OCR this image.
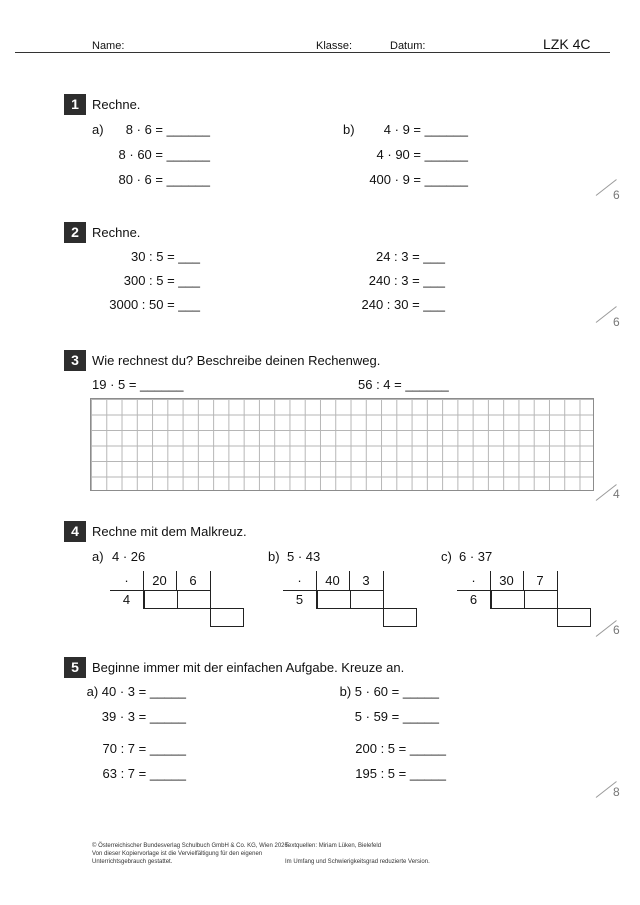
Name:	Klasse:	Datum:	LZK 4C
1	Rechne.
a) 8 · 6 = ______
8 · 60 = ______
80 · 6 = ______
b) 4 · 9 = ______
4 · 90 = ______
400 · 9 = ______
6
2	Rechne.
30 : 5 = ___
300 : 5 = ___
3000 : 50 = ___
24 : 3 = ___
240 : 3 = ___
240 : 30 = ___
6
3	Wie rechnest du? Beschreibe deinen Rechenweg.
19 · 5 = ______	56 : 4 = ______
4
4	Rechne mit dem Malkreuz.
a) 4 · 26	b) 5 · 43	c) 6 · 37
·	20	6
4
·	40	3
5
·	30	7
6
6
5	Beginne immer mit der einfachen Aufgabe. Kreuze an.
a) 40 · 3 = _____
39 · 3 = _____
70 : 7 = _____
63 : 7 = _____
b) 5 · 60 = _____
5 · 59 = _____
200 : 5 = _____
195 : 5 = _____
8
© Österreichischer Bundesverlag Schulbuch GmbH & Co. KG, Wien 2026.
Von dieser Kopiervorlage ist die Vervielfältigung für den eigenen
Unterrichtsgebrauch gestattet.
Textquellen: Miriam Lüken, Bielefeld
Im Umfang und Schwierigkeitsgrad reduzierte Version.
